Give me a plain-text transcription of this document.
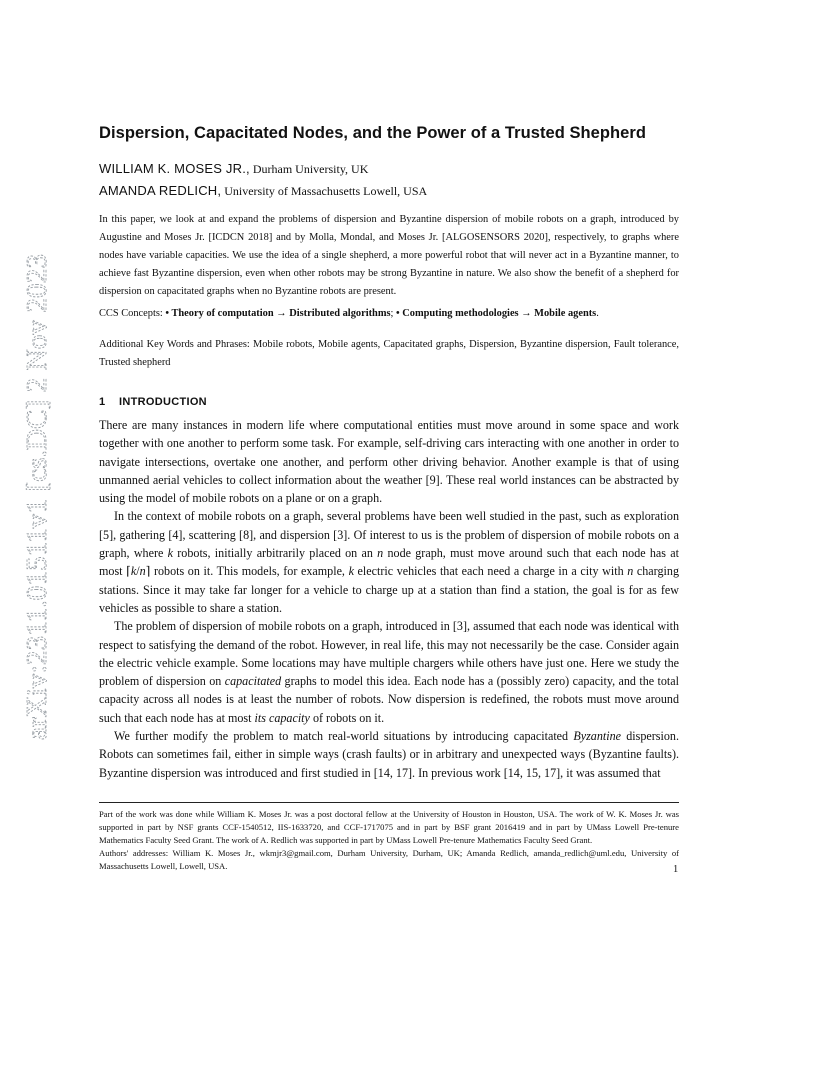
arXiv:2311.01511v1 [cs.DC] 2 Nov 2023
Dispersion, Capacitated Nodes, and the Power of a Trusted Shepherd
WILLIAM K. MOSES JR., Durham University, UK
AMANDA REDLICH, University of Massachusetts Lowell, USA
In this paper, we look at and expand the problems of dispersion and Byzantine dispersion of mobile robots on a graph, introduced by Augustine and Moses Jr. [ICDCN 2018] and by Molla, Mondal, and Moses Jr. [ALGOSENSORS 2020], respectively, to graphs where nodes have variable capacities. We use the idea of a single shepherd, a more powerful robot that will never act in a Byzantine manner, to achieve fast Byzantine dispersion, even when other robots may be strong Byzantine in nature. We also show the benefit of a shepherd for dispersion on capacitated graphs when no Byzantine robots are present.
CCS Concepts: • Theory of computation → Distributed algorithms; • Computing methodologies → Mobile agents.
Additional Key Words and Phrases: Mobile robots, Mobile agents, Capacitated graphs, Dispersion, Byzantine dispersion, Fault tolerance, Trusted shepherd
1 INTRODUCTION

There are many instances in modern life where computational entities must move around in some space and work together with one another to perform some task. For example, self-driving cars interacting with one another in order to navigate intersections, overtake one another, and perform other driving behavior. Another example is that of using unmanned aerial vehicles to collect information about the weather [9]. These real world instances can be abstracted by using the model of mobile robots on a plane or on a graph.

In the context of mobile robots on a graph, several problems have been well studied in the past, such as exploration [5], gathering [4], scattering [8], and dispersion [3]. Of interest to us is the problem of dispersion of mobile robots on a graph, where k robots, initially arbitrarily placed on an n node graph, must move around such that each node has at most ⌈k/n⌉ robots on it. This models, for example, k electric vehicles that each need a charge in a city with n charging stations. Since it may take far longer for a vehicle to charge up at a station than find a station, the goal is for as few vehicles as possible to share a station.

The problem of dispersion of mobile robots on a graph, introduced in [3], assumed that each node was identical with respect to satisfying the demand of the robot. However, in real life, this may not necessarily be the case. Consider again the electric vehicle example. Some locations may have multiple chargers while others have just one. Here we study the problem of dispersion on capacitated graphs to model this idea. Each node has a (possibly zero) capacity, and the total capacity across all nodes is at least the number of robots. Now dispersion is redefined, the robots must move around such that each node has at most its capacity of robots on it.

We further modify the problem to match real-world situations by introducing capacitated Byzantine dispersion. Robots can sometimes fail, either in simple ways (crash faults) or in arbitrary and unexpected ways (Byzantine faults). Byzantine dispersion was introduced and first studied in [14, 17]. In previous work [14, 15, 17], it was assumed that

Part of the work was done while William K. Moses Jr. was a post doctoral fellow at the University of Houston in Houston, USA. The work of W. K. Moses Jr. was supported in part by NSF grants CCF-1540512, IIS-1633720, and CCF-1717075 and in part by BSF grant 2016419 and in part by UMass Lowell Pre-tenure Mathematics Faculty Seed Grant. The work of A. Redlich was supported in part by UMass Lowell Pre-tenure Mathematics Faculty Seed Grant.

Authors' addresses: William K. Moses Jr., wkmjr3@gmail.com, Durham University, Durham, UK; Amanda Redlich, amanda_redlich@uml.edu, University of Massachusetts Lowell, Lowell, USA.	1
